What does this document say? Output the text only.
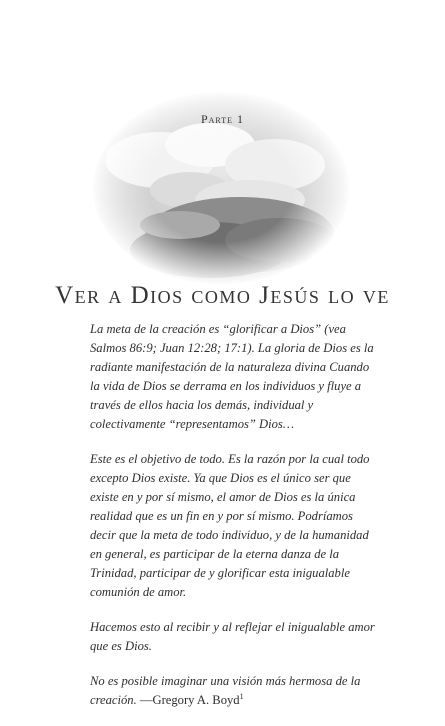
Parte 1
Ver a Dios como Jesús lo ve

La meta de la creación es “glorificar a Dios” (vea Salmos 86:9; Juan 12:28; 17:1). La gloria de Dios es la radiante manifestación de la naturaleza divina Cuando la vida de Dios se derrama en los individuos y fluye a través de ellos hacia los demás, individual y colectivamente “representamos” Dios…

Este es el objetivo de todo. Es la razón por la cual todo excepto Dios existe. Ya que Dios es el único ser que existe en y por sí mismo, el amor de Dios es la única realidad que es un fin en y por sí mismo. Podríamos decir que la meta de todo individuo, y de la humanidad en general, es participar de la eterna danza de la Trinidad, participar de y glorificar esta inigualable comunión de amor.

Hacemos esto al recibir y al reflejar el inigualable amor que es Dios.

No es posible imaginar una visión más hermosa de la creación. —Gregory A. Boyd$^1$
